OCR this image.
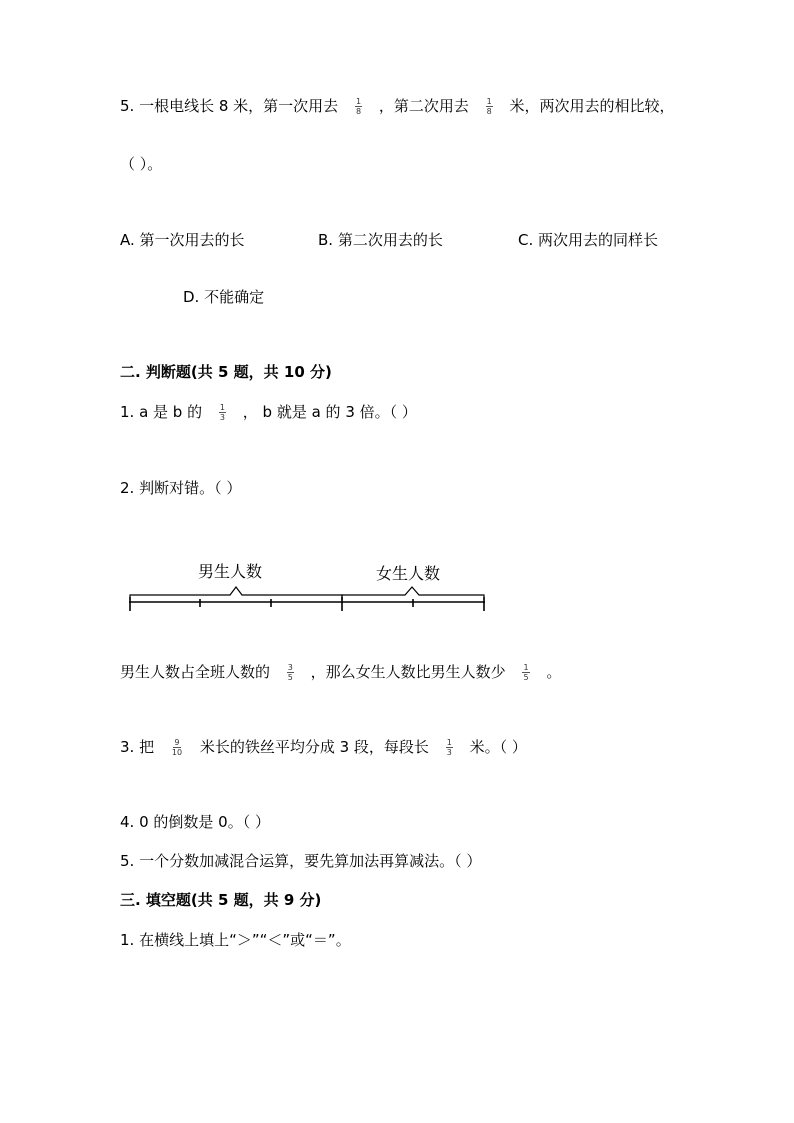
5. 一根电线长 8 米，第一次用去 $\frac{1}{8}$ ，第二次用去 $\frac{1}{8}$ 米，两次用去的相比较，
（ ）。
A. 第一次用去的长	B. 第二次用去的长	C. 两次用去的同样长
D. 不能确定
二. 判断题(共 5 题，共 10 分)
1. a 是 b 的 $\frac{1}{3}$ ， b 就是 a 的 3 倍。（ ）
2. 判断对错。（ ）
男生人数	女生人数
男生人数占全班人数的 $\frac{3}{5}$ ，那么女生人数比男生人数少 $\frac{1}{5}$ 。
3. 把 $\frac{9}{10}$ 米长的铁丝平均分成 3 段，每段长 $\frac{1}{3}$ 米。（ ）
4. 0 的倒数是 0。（ ）
5. 一个分数加减混合运算，要先算加法再算减法。（ ）
三. 填空题(共 5 题，共 9 分)
1. 在横线上填上“＞”“＜”或“＝”。
